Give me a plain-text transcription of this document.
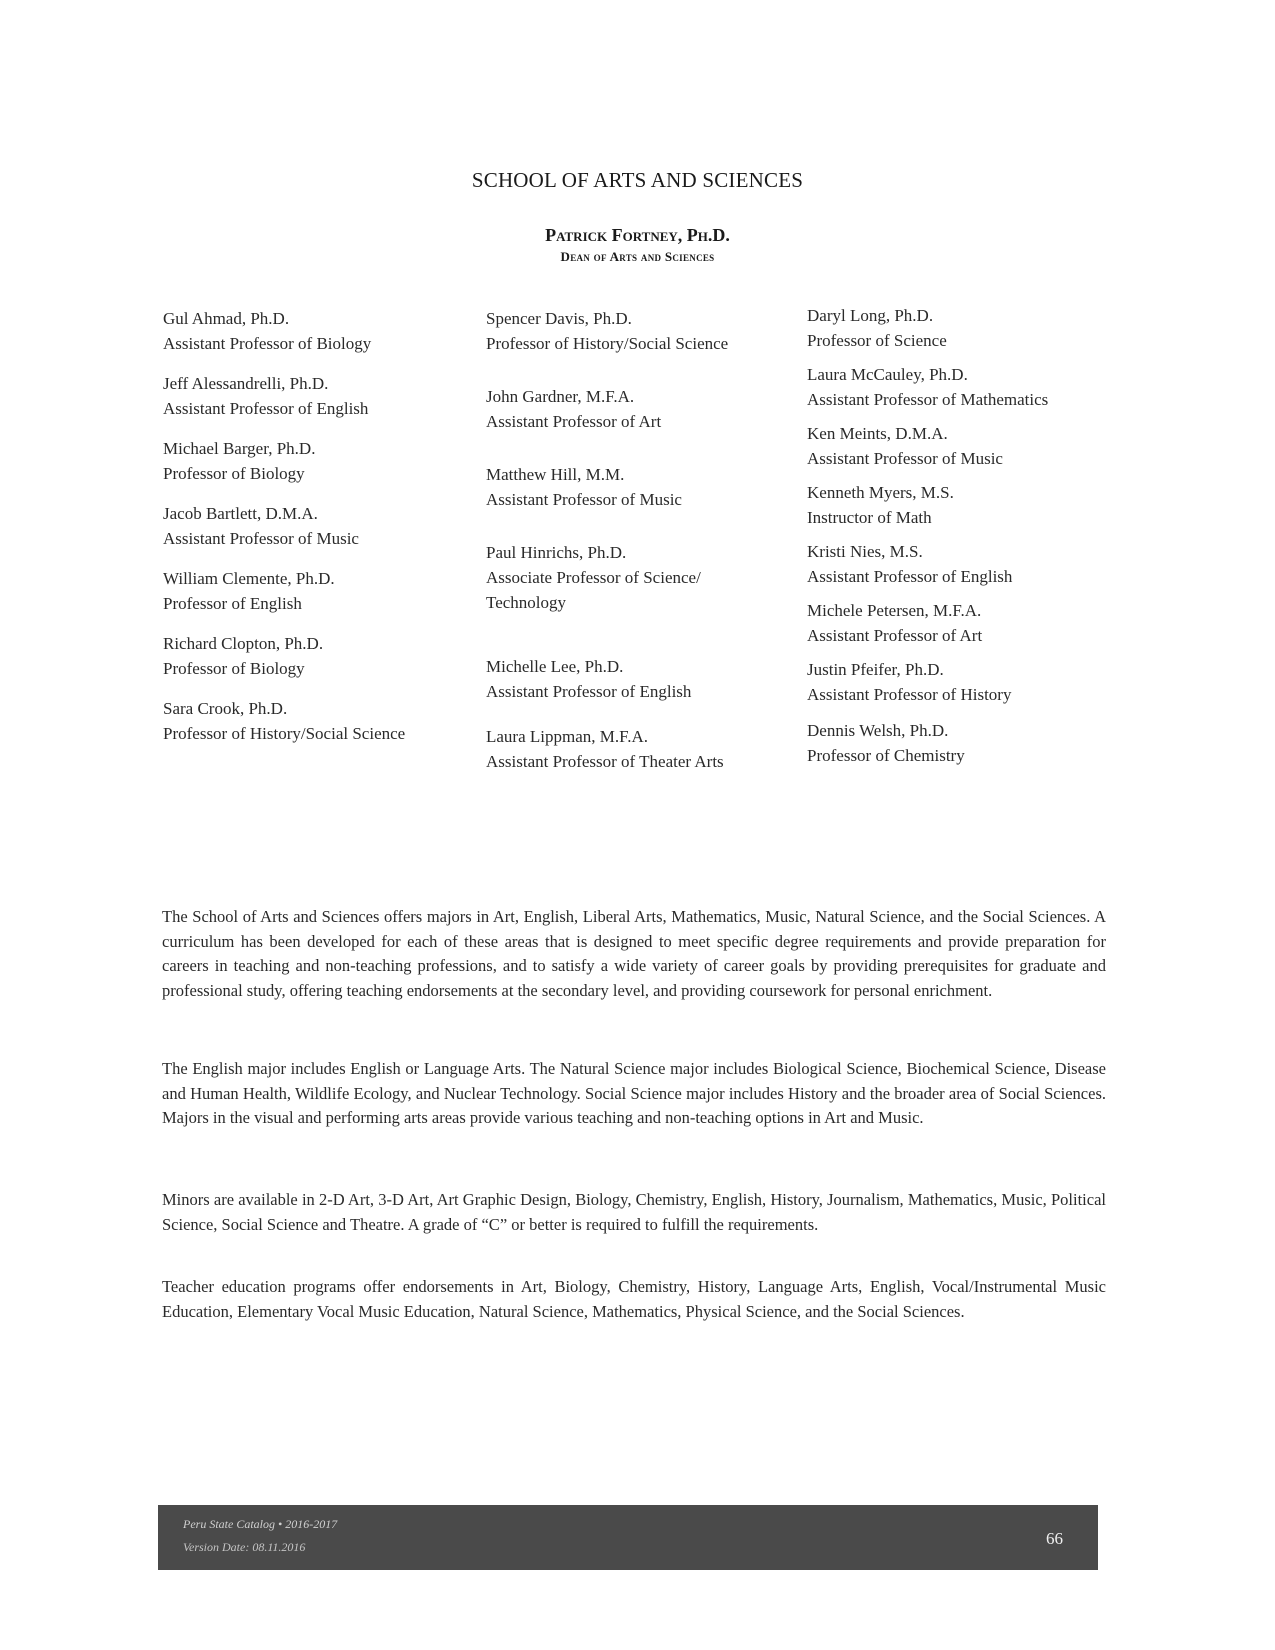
SCHOOL OF ARTS AND SCIENCES
Patrick Fortney, Ph.D.
Dean of Arts and Sciences
Gul Ahmad, Ph.D.
Assistant Professor of Biology
Jeff Alessandrelli, Ph.D.
Assistant Professor of English
Michael Barger, Ph.D.
Professor of Biology
Jacob Bartlett, D.M.A.
Assistant Professor of Music
William Clemente, Ph.D.
Professor of English
Richard Clopton, Ph.D.
Professor of Biology
Sara Crook, Ph.D.
Professor of History/Social Science
Spencer Davis, Ph.D.
Professor of History/Social Science
John Gardner, M.F.A.
Assistant Professor of Art
Matthew Hill, M.M.
Assistant Professor of Music
Paul Hinrichs, Ph.D.
Associate Professor of Science/
Technology
Michelle Lee, Ph.D.
Assistant Professor of English
Laura Lippman, M.F.A.
Assistant Professor of Theater Arts
Daryl Long, Ph.D.
Professor of Science
Laura McCauley, Ph.D.
Assistant Professor of Mathematics
Ken Meints, D.M.A.
Assistant Professor of Music
Kenneth Myers, M.S.
Instructor of Math
Kristi Nies, M.S.
Assistant Professor of English
Michele Petersen, M.F.A.
Assistant Professor of Art
Justin Pfeifer, Ph.D.
Assistant Professor of History
Dennis Welsh, Ph.D.
Professor of Chemistry

The School of Arts and Sciences offers majors in Art, English, Liberal Arts, Mathematics, Music, Natural Science, and the Social Sciences. A curriculum has been developed for each of these areas that is designed to meet specific degree requirements and provide preparation for careers in teaching and non-teaching professions, and to satisfy a wide variety of career goals by providing prerequisites for graduate and professional study, offering teaching endorsements at the secondary level, and providing coursework for personal enrichment.

The English major includes English or Language Arts. The Natural Science major includes Biological Science, Biochemical Science, Disease and Human Health, Wildlife Ecology, and Nuclear Technology. Social Science major includes History and the broader area of Social Sciences. Majors in the visual and performing arts areas provide various teaching and non-teaching options in Art and Music.

Minors are available in 2-D Art, 3-D Art, Art Graphic Design, Biology, Chemistry, English, History, Journalism, Mathematics, Music, Political Science, Social Science and Theatre. A grade of “C” or better is required to fulfill the requirements.

Teacher education programs offer endorsements in Art, Biology, Chemistry, History, Language Arts, English, Vocal/Instrumental Music Education, Elementary Vocal Music Education, Natural Science, Mathematics, Physical Science, and the Social Sciences.

Peru State Catalog • 2016-2017
Version Date: 08.11.2016	66
